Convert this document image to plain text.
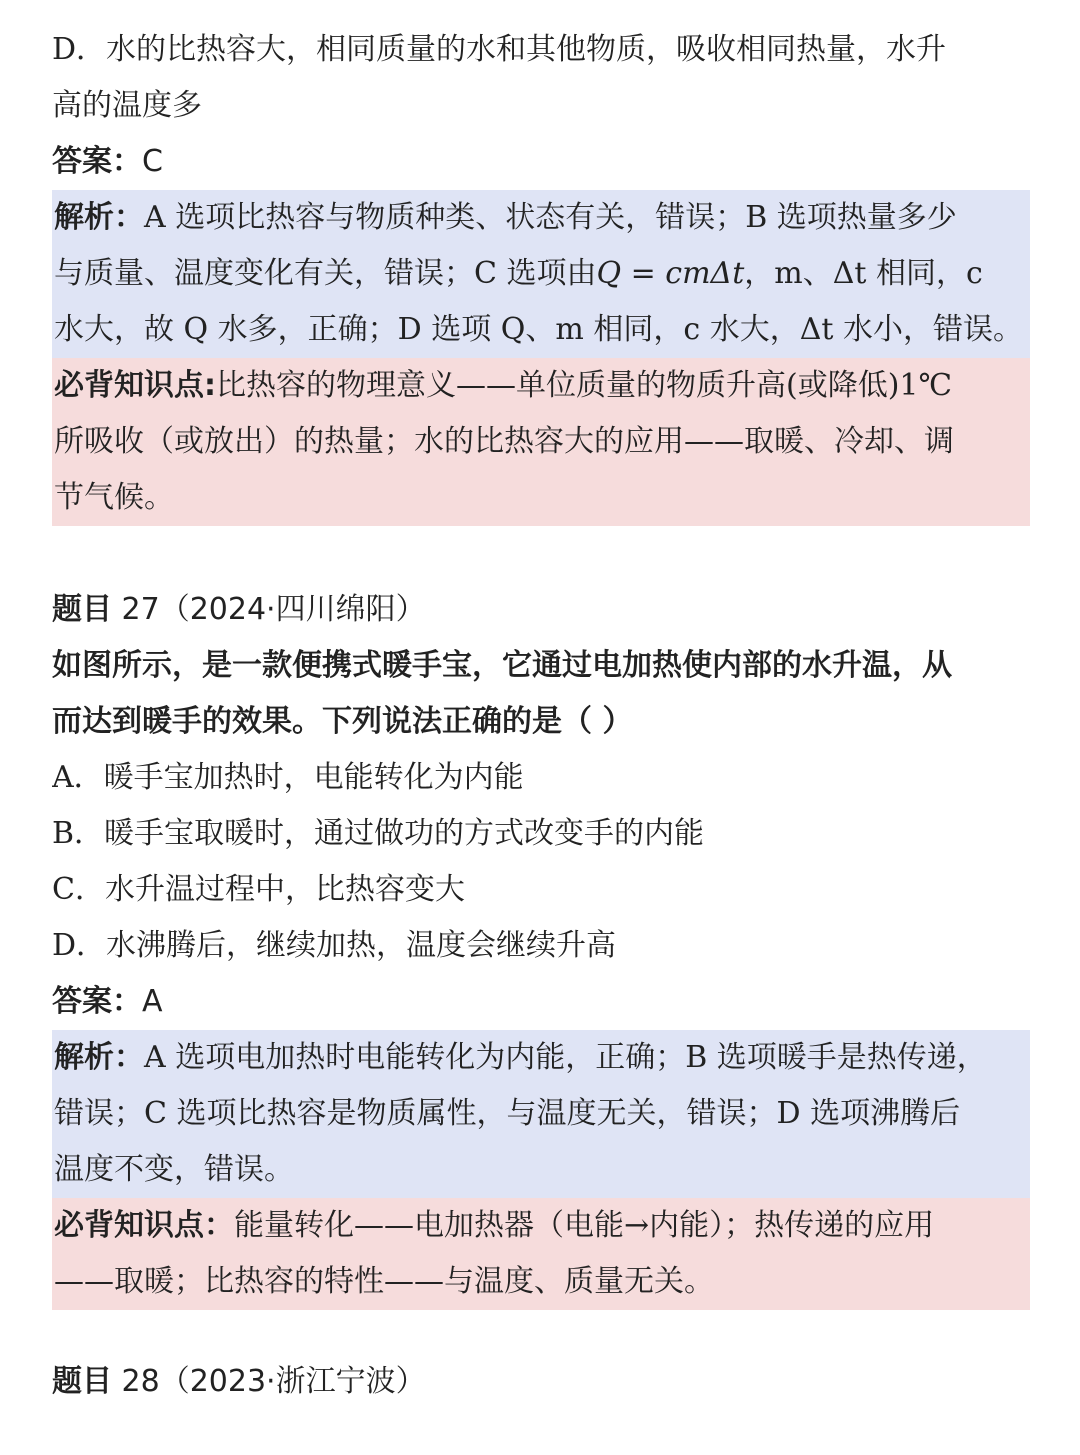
D．水的比热容大，相同质量的水和其他物质，吸收相同热量，水升
高的温度多
答案：C
解析：A 选项比热容与物质种类、状态有关，错误；B 选项热量多少
与质量、温度变化有关，错误；C 选项由Q = cmΔt，m、Δt 相同，c
水大，故 Q 水多，正确；D 选项 Q、m 相同，c 水大，Δt 水小，错误。
必背知识点:比热容的物理意义——单位质量的物质升高(或降低)1℃
所吸收（或放出）的热量；水的比热容大的应用——取暖、冷却、调
节气候。
题目 27（2024·四川绵阳）
如图所示，是一款便携式暖手宝，它通过电加热使内部的水升温，从
而达到暖手的效果。下列说法正确的是（ ）
A．暖手宝加热时，电能转化为内能
B．暖手宝取暖时，通过做功的方式改变手的内能
C．水升温过程中，比热容变大
D．水沸腾后，继续加热，温度会继续升高
答案：A
解析：A 选项电加热时电能转化为内能，正确；B 选项暖手是热传递，
错误；C 选项比热容是物质属性，与温度无关，错误；D 选项沸腾后
温度不变，错误。
必背知识点：能量转化——电加热器（电能→内能）；热传递的应用
——取暖；比热容的特性——与温度、质量无关。
题目 28（2023·浙江宁波）
